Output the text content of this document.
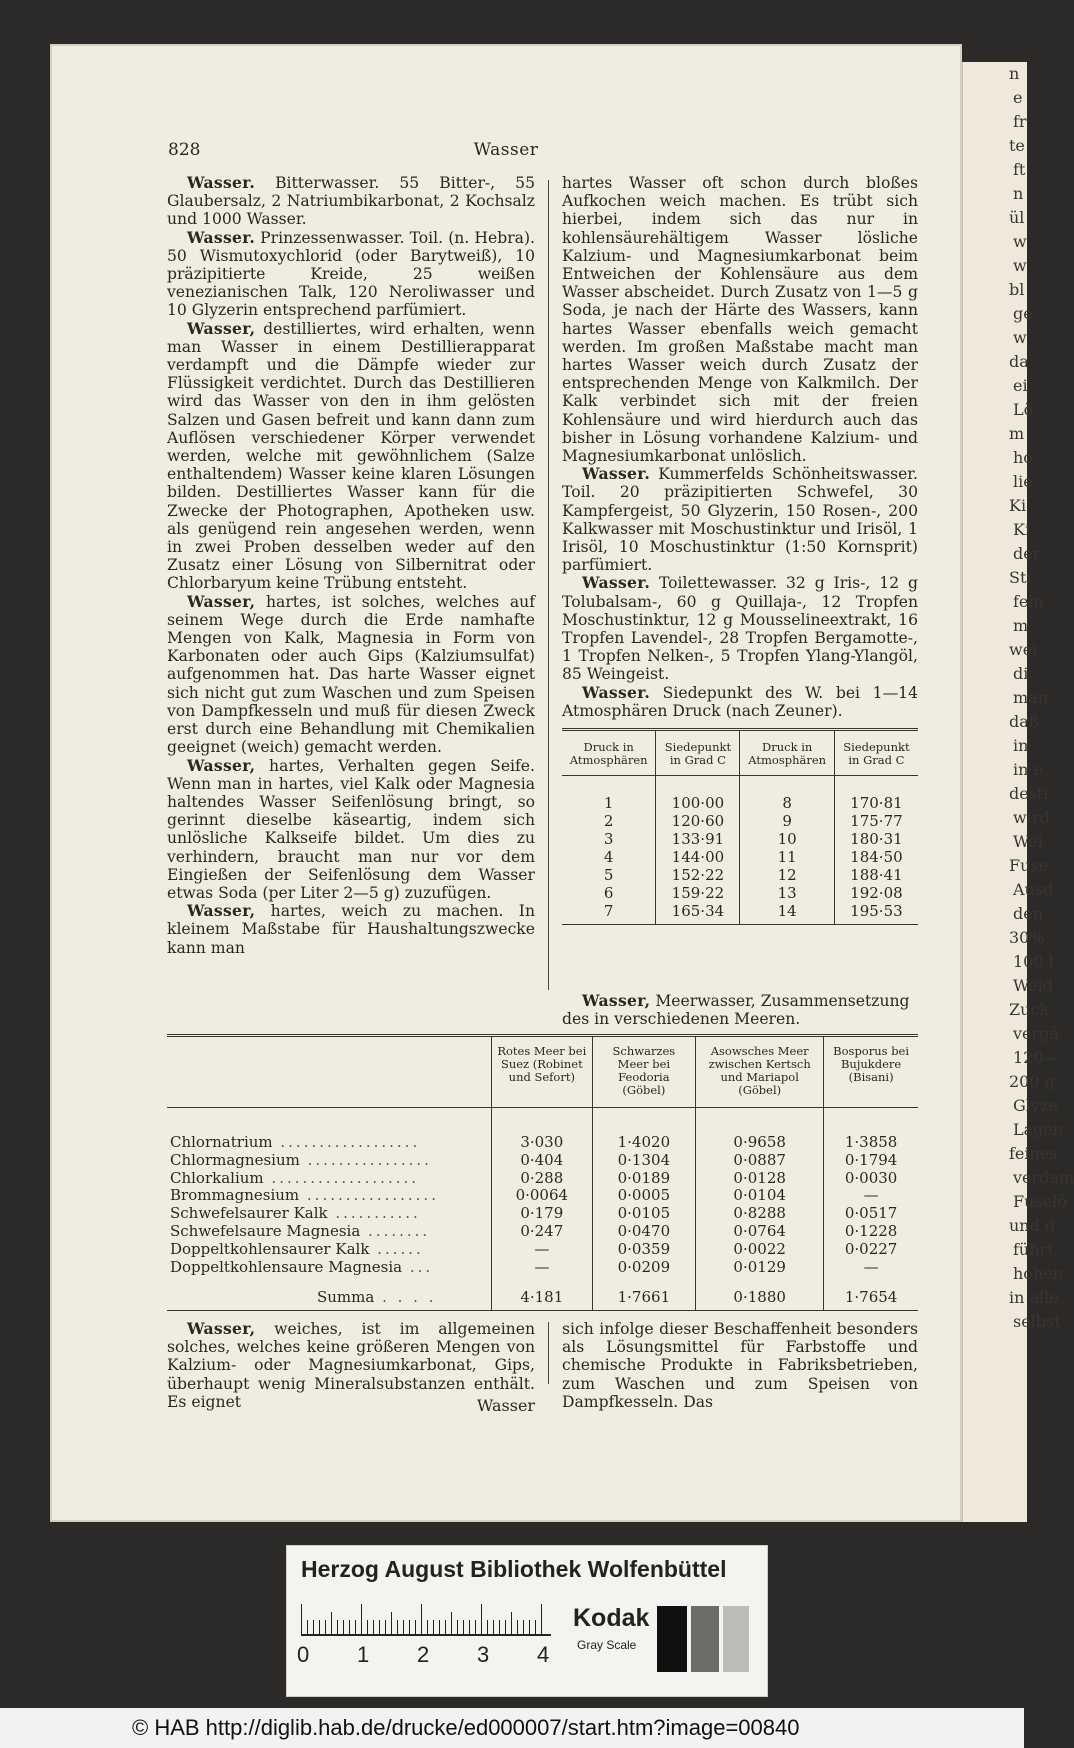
n
e
fr
te
ft
n
ül
w
w
bl
ge
w
da
ei
Lö
m
ho
lie
Ki
Ki
der
Sti
feln
m
wei
di
man
daß
in
in e
desti
wird
Wei
Fuse
Ausd
den
30%
100 l
Weid
Zuck
vergä
120—
200 g
Glyze
Lagen
feines
verdam
Fuselö
und d
führt,
hohen
in alle
selbst
828	Wasser

Wasser. Bitterwasser. 55 Bitter-, 55 Glaubersalz, 2 Natriumbikarbonat, 2 Kochsalz und 1000 Wasser.

Wasser. Prinzessenwasser. Toil. (n. Hebra). 50 Wismutoxychlorid (oder Barytweiß), 10 präzipitierte Kreide, 25 weißen venezianischen Talk, 120 Neroliwasser und 10 Glyzerin entsprechend parfümiert.

Wasser, destilliertes, wird erhalten, wenn man Wasser in einem Destillierapparat verdampft und die Dämpfe wieder zur Flüssigkeit verdichtet. Durch das Destillieren wird das Wasser von den in ihm gelösten Salzen und Gasen befreit und kann dann zum Auflösen verschiedener Körper verwendet werden, welche mit gewöhnlichem (Salze enthaltendem) Wasser keine klaren Lösungen bilden. Destilliertes Wasser kann für die Zwecke der Photographen, Apotheken usw. als genügend rein angesehen werden, wenn in zwei Proben desselben weder auf den Zusatz einer Lösung von Silbernitrat oder Chlorbaryum keine Trübung entsteht.

Wasser, hartes, ist solches, welches auf seinem Wege durch die Erde namhafte Mengen von Kalk, Magnesia in Form von Karbonaten oder auch Gips (Kalziumsulfat) aufgenommen hat. Das harte Wasser eignet sich nicht gut zum Waschen und zum Speisen von Dampfkesseln und muß für diesen Zweck erst durch eine Behandlung mit Chemikalien geeignet (weich) gemacht werden.

Wasser, hartes, Verhalten gegen Seife. Wenn man in hartes, viel Kalk oder Magnesia haltendes Wasser Seifenlösung bringt, so gerinnt dieselbe käseartig, indem sich unlösliche Kalkseife bildet. Um dies zu verhindern, braucht man nur vor dem Eingießen der Seifenlösung dem Wasser etwas Soda (per Liter 2—5 g) zuzufügen.

Wasser, hartes, weich zu machen. In kleinem Maßstabe für Haushaltungszwecke kann man

hartes Wasser oft schon durch bloßes Aufkochen weich machen. Es trübt sich hierbei, indem sich das nur in kohlensäurehältigem Wasser lösliche Kalzium- und Magnesiumkarbonat beim Entweichen der Kohlensäure aus dem Wasser abscheidet. Durch Zusatz von 1—5 g Soda, je nach der Härte des Wassers, kann hartes Wasser ebenfalls weich gemacht werden. Im großen Maßstabe macht man hartes Wasser weich durch Zusatz der entsprechenden Menge von Kalkmilch. Der Kalk verbindet sich mit der freien Kohlensäure und wird hierdurch auch das bisher in Lösung vorhandene Kalzium- und Magnesiumkarbonat unlöslich.

Wasser. Kummerfelds Schönheitswasser. Toil. 20 präzipitierten Schwefel, 30 Kampfergeist, 50 Glyzerin, 150 Rosen-, 200 Kalkwasser mit Moschustinktur und Irisöl, 1 Irisöl, 10 Moschustinktur (1:50 Kornsprit) parfümiert.

Wasser. Toilettewasser. 32 g Iris-, 12 g Tolubalsam-, 60 g Quillaja-, 12 Tropfen Moschustinktur, 12 g Mousselineextrakt, 16 Tropfen Lavendel-, 28 Tropfen Bergamotte-, 1 Tropfen Nelken-, 5 Tropfen Ylang-Ylangöl, 85 Weingeist.

Wasser. Siedepunkt des W. bei 1—14 Atmosphären Druck (nach Zeuner).

Druck in Atmosphären	Siedepunkt in Grad C	Druck in Atmosphären	Siedepunkt in Grad C

1	100·00	8	170·81
2	120·60	9	175·77
3	133·91	10	180·31
4	144·00	11	184·50
5	152·22	12	188·41
6	159·22	13	192·08
7	165·34	14	195·53

Wasser, Meerwasser, Zusammensetzung des in verschiedenen Meeren.

	Rotes Meer bei Suez (Robinet und Sefort)	Schwarzes Meer bei Feodoria (Göbel)	Asowsches Meer zwischen Kertsch und Mariapol (Göbel)	Bosporus bei Bujukdere (Bisani)

Chlornatrium ..................	3·030	1·4020	0·9658	1·3858
Chlormagnesium ................	0·404	0·1304	0·0887	0·1794
Chlorkalium ...................	0·288	0·0189	0·0128	0·0030
Brommagnesium .................	0·0064	0·0005	0·0104	—
Schwefelsaurer Kalk ...........	0·179	0·0105	0·8288	0·0517
Schwefelsaure Magnesia ........	0·247	0·0470	0·0764	0·1228
Doppeltkohlensaurer Kalk ......	—	0·0359	0·0022	0·0227
Doppeltkohlensaure Magnesia ...	—	0·0209	0·0129	—
Summa . . . .	4·181	1·7661	0·1880	1·7654

Wasser, weiches, ist im allgemeinen solches, welches keine größeren Mengen von Kalzium- oder Magnesiumkarbonat, Gips, überhaupt wenig Mineralsubstanzen enthält. Es eignet

sich infolge dieser Beschaffenheit besonders als Lösungsmittel für Farbstoffe und chemische Produkte in Fabriksbetrieben, zum Waschen und zum Speisen von Dampfkesseln. Das

Wasser
Herzog August Bibliothek Wolfenbüttel
0 1 2 3 4
Kodak
Gray Scale
© HAB http://diglib.hab.de/drucke/ed000007/start.htm?image=00840
